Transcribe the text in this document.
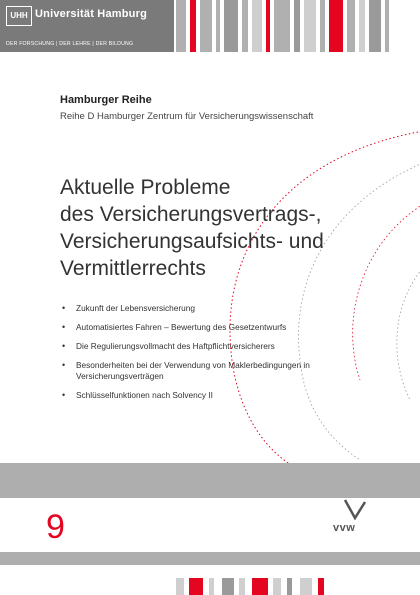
UHH Universität Hamburg
DER FORSCHUNG | DER LEHRE | DER BILDUNG
Hamburger Reihe
Reihe D Hamburger Zentrum für Versicherungswissenschaft
Aktuelle Probleme
des Versicherungsvertrags-,
Versicherungsaufsichts- und
Vermittlerrechts
• Zukunft der Lebensversicherung
• Automatisiertes Fahren – Bewertung des Gesetzentwurfs
• Die Regulierungsvollmacht des Haftpflichtversicherers
• Besonderheiten bei der Verwendung von Maklerbedingungen in Versicherungsverträgen
• Schlüsselfunktionen nach Solvency II
9	vvw
